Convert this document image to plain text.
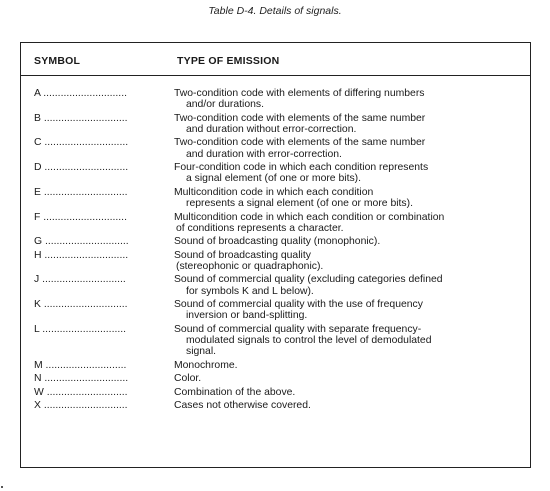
Table D-4. Details of signals.
SYMBOL	TYPE OF EMISSION
A .............................	Two-condition code with elements of differing numbers
and/or durations.
B .............................	Two-condition code with elements of the same number
and duration without error-correction.
C .............................	Two-condition code with elements of the same number
and duration with error-correction.
D .............................	Four-condition code in which each condition represents
a signal element (of one or more bits).
E .............................	Multicondition code in which each condition
represents a signal element (of one or more bits).
F .............................	Multicondition code in which each condition or combination
of conditions represents a character.
G .............................	Sound of broadcasting quality (monophonic).
H .............................	Sound of broadcasting quality
(stereophonic or quadraphonic).
J .............................	Sound of commercial quality (excluding categories defined
for symbols K and L below).
K .............................	Sound of commercial quality with the use of frequency
inversion or band-splitting.
L .............................	Sound of commercial quality with separate frequency-
modulated signals to control the level of demodulated
signal.
M ............................	Monochrome.
N .............................	Color.
W ............................	Combination of the above.
X .............................	Cases not otherwise covered.
